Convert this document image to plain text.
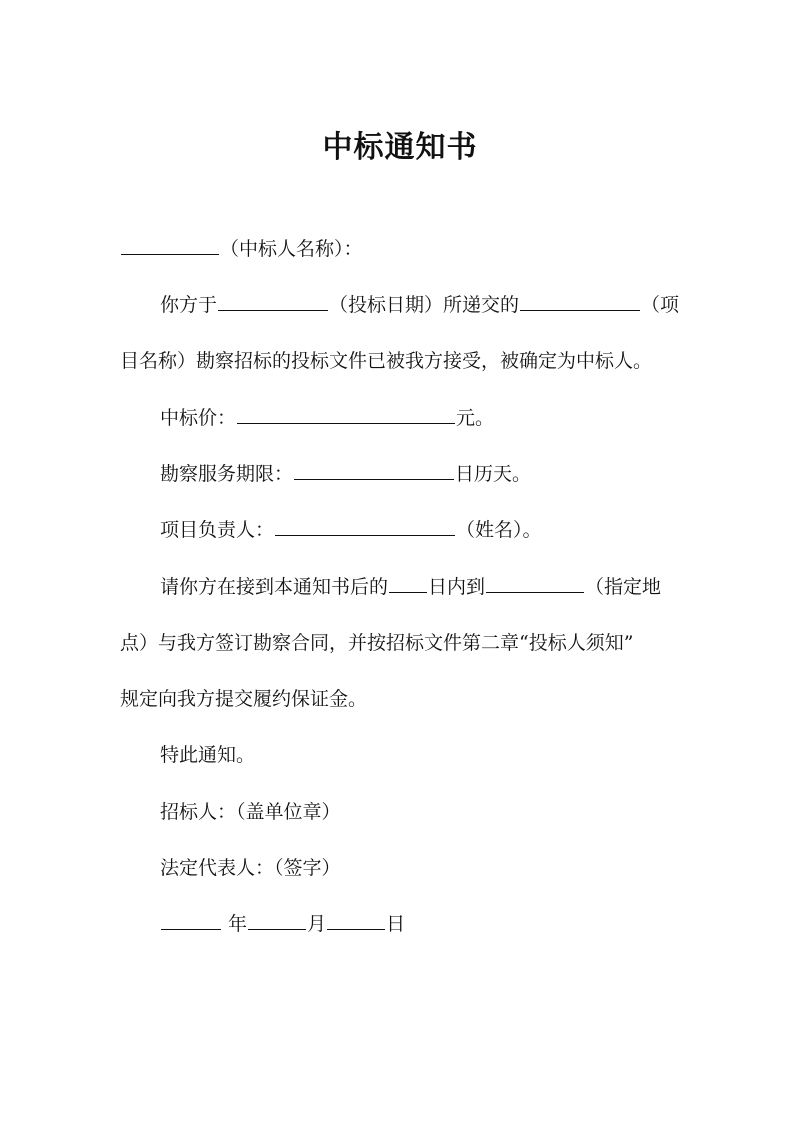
中标通知书
（中标人名称）：
你方于	（投标日期）所递交的	（项
目名称）勘察招标的投标文件已被我方接受，被确定为中标人。
中标价：	元。
勘察服务期限：	日历天。
项目负责人：	（姓名）。
请你方在接到本通知书后的 日内到	（指定地
点）与我方签订勘察合同，并按招标文件第二章“投标人须知”
规定向我方提交履约保证金。
特此通知。
招标人：（盖单位章）
法定代表人：（签字）
年	月	日
